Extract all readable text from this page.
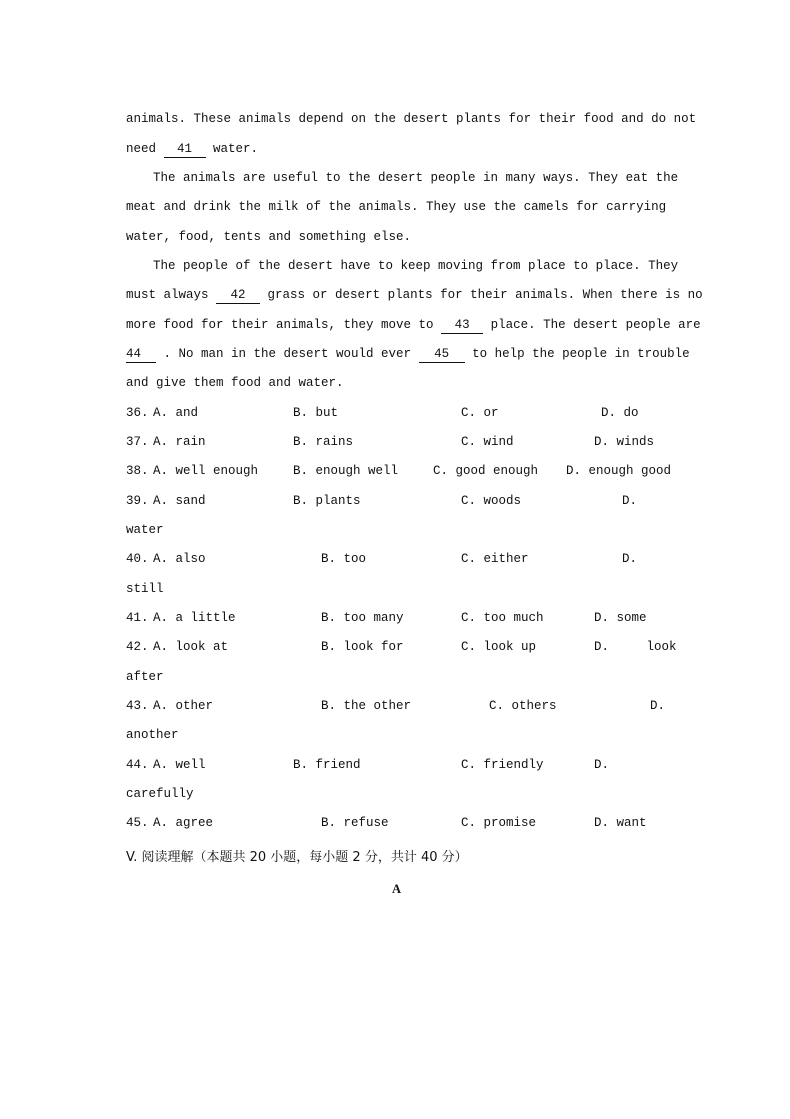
animals. These animals depend on the desert plants for their food and do not
need 41 water.
The animals are useful to the desert people in many ways. They eat the
meat and drink the milk of the animals. They use the camels for carrying
water, food, tents and something else.
The people of the desert have to keep moving from place to place. They
must always 42 grass or desert plants for their animals. When there is no
more food for their animals, they move to 43 place. The desert people are
44 . No man in the desert would ever 45 to help the people in trouble
and give them food and water.
36. A. and	B. but	C. or	D. do
37. A. rain	B. rains	C. wind	D. winds
38. A. well enough	B. enough well	C. good enough D. enough good
39. A. sand	B. plants	C. woods	D.
water
40. A. also	B. too	C. either	D.
still
41. A. a little	B. too many	C. too much	D. some
42. A. look at	B. look for	C. look up	D.     look
after
43. A. other	B. the other	C. others	D.
another
44. A. well	B. friend	C. friendly	D.
carefully
45. A. agree	B. refuse	C. promise	D. want
V. 阅读理解（本题共 20 小题，每小题 2 分，共计 40 分）
A
